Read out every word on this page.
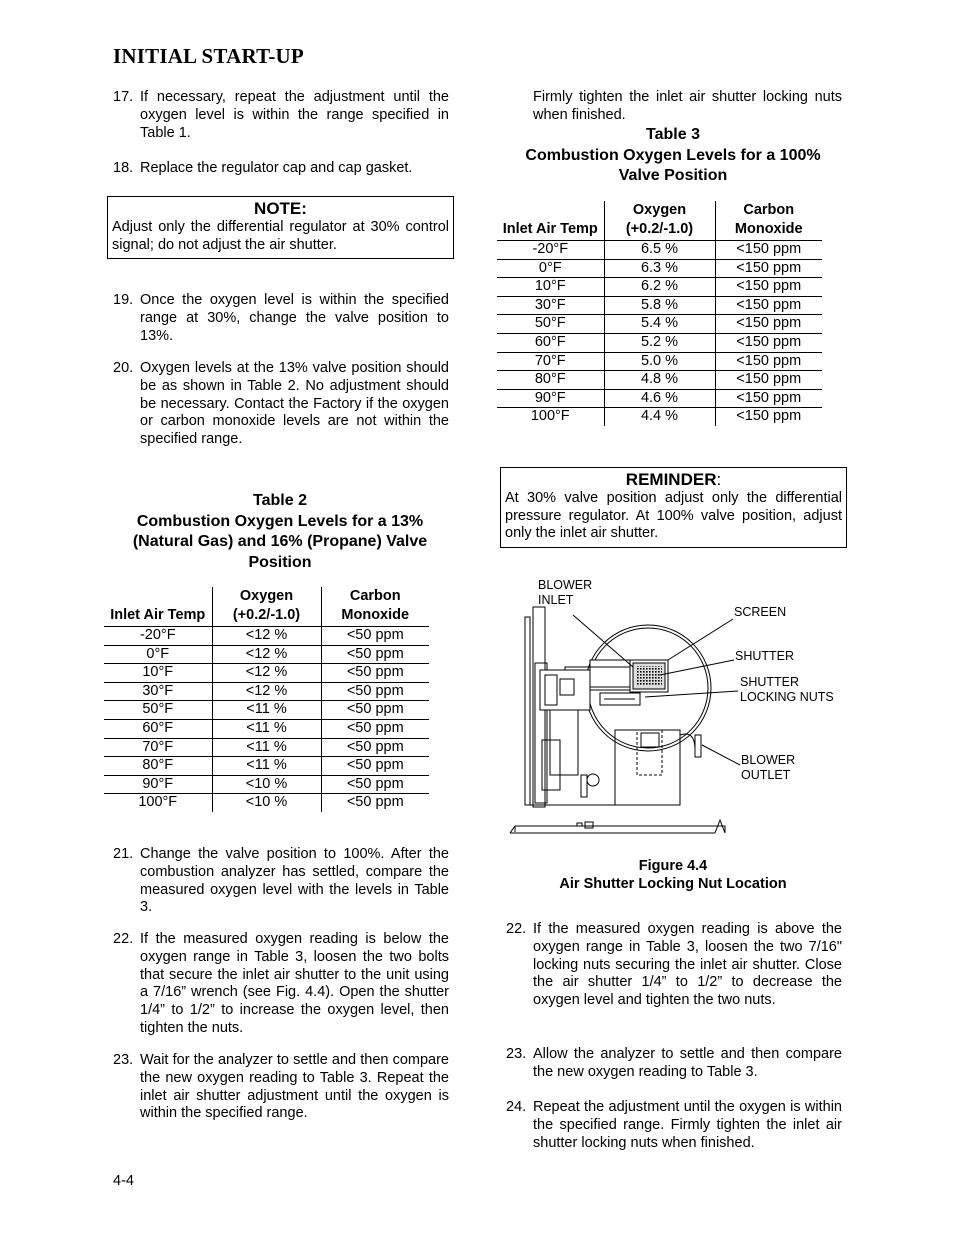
INITIAL START-UP
17. If necessary, repeat the adjustment until the oxygen level is within the range specified in Table 1.
18. Replace the regulator cap and cap gasket.
NOTE:
Adjust only the differential regulator at 30% control signal; do not adjust the air shutter.
19. Once the oxygen level is within the specified range at 30%, change the valve position to 13%.
20. Oxygen levels at the 13% valve position should be as shown in Table 2. No adjustment should be necessary. Contact the Factory if the oxygen or carbon monoxide levels are not within the specified range.
Table 2
Combustion Oxygen Levels for a 13%
(Natural Gas) and 16% (Propane) Valve
Position
Inlet Air Temp	Oxygen (+0.2/-1.0)	Carbon Monoxide
-20°F	<12 %	<50 ppm
0°F	<12 %	<50 ppm
10°F	<12 %	<50 ppm
30°F	<12 %	<50 ppm
50°F	<11 %	<50 ppm
60°F	<11 %	<50 ppm
70°F	<11 %	<50 ppm
80°F	<11 %	<50 ppm
90°F	<10 %	<50 ppm
100°F	<10 %	<50 ppm
21. Change the valve position to 100%. After the combustion analyzer has settled, compare the measured oxygen level with the levels in Table 3.
22. If the measured oxygen reading is below the oxygen range in Table 3, loosen the two bolts that secure the inlet air shutter to the unit using a 7/16” wrench (see Fig. 4.4). Open the shutter 1/4” to 1/2” to increase the oxygen level, then tighten the nuts.
23. Wait for the analyzer to settle and then compare the new oxygen reading to Table 3. Repeat the inlet air shutter adjustment until the oxygen is within the specified range.
Firmly tighten the inlet air shutter locking nuts when finished.
Table 3
Combustion Oxygen Levels for a 100%
Valve Position
Inlet Air Temp	Oxygen (+0.2/-1.0)	Carbon Monoxide
-20°F	6.5 %	<150 ppm
0°F	6.3 %	<150 ppm
10°F	6.2 %	<150 ppm
30°F	5.8 %	<150 ppm
50°F	5.4 %	<150 ppm
60°F	5.2 %	<150 ppm
70°F	5.0 %	<150 ppm
80°F	4.8 %	<150 ppm
90°F	4.6 %	<150 ppm
100°F	4.4 %	<150 ppm
REMINDER:
At 30% valve position adjust only the differential pressure regulator. At 100% valve position, adjust only the inlet air shutter.
BLOWER
INLET
SCREEN
SHUTTER
SHUTTER
LOCKING NUTS
BLOWER
OUTLET
Figure 4.4
Air Shutter Locking Nut Location
22. If the measured oxygen reading is above the oxygen range in Table 3, loosen the two 7/16" locking nuts securing the inlet air shutter. Close the air shutter 1/4” to 1/2” to decrease the oxygen level and tighten the two nuts.
23. Allow the analyzer to settle and then compare the new oxygen reading to Table 3.
24. Repeat the adjustment until the oxygen is within the specified range. Firmly tighten the inlet air shutter locking nuts when finished.
4-4
